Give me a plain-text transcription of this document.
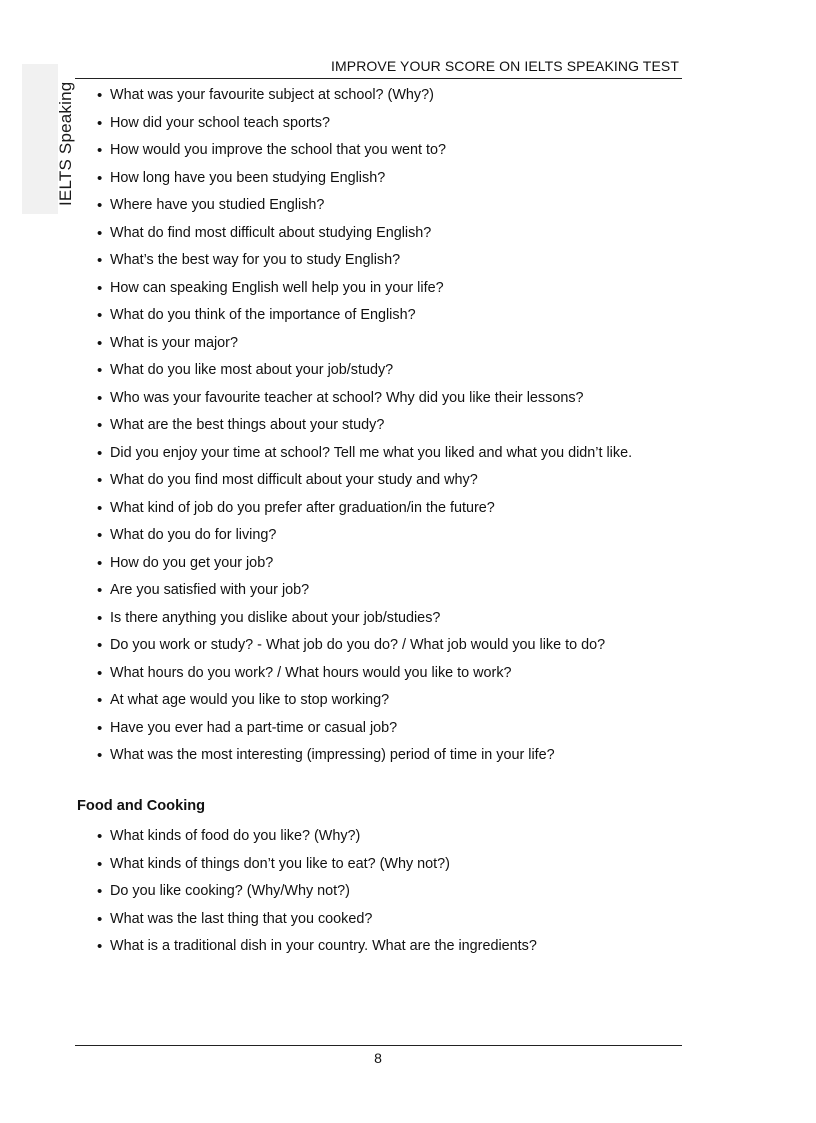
IELTS Speaking
IMPROVE YOUR SCORE ON IELTS SPEAKING TEST
• What was your favourite subject at school? (Why?)
• How did your school teach sports?
• How would you improve the school that you went to?
• How long have you been studying English?
• Where have you studied English?
• What do find most difficult about studying English?
• What’s the best way for you to study English?
• How can speaking English well help you in your life?
• What do you think of the importance of English?
• What is your major?
• What do you like most about your job/study?
• Who was your favourite teacher at school? Why did you like their lessons?
• What are the best things about your study?
• Did you enjoy your time at school? Tell me what you liked and what you didn’t like.
• What do you find most difficult about your study and why?
• What kind of job do you prefer after graduation/in the future?
• What do you do for living?
• How do you get your job?
• Are you satisfied with your job?
• Is there anything you dislike about your job/studies?
• Do you work or study? - What job do you do? / What job would you like to do?
• What hours do you work? / What hours would you like to work?
• At what age would you like to stop working?
• Have you ever had a part-time or casual job?
• What was the most interesting (impressing) period of time in your life?
Food and Cooking
• What kinds of food do you like? (Why?)
• What kinds of things don’t you like to eat? (Why not?)
• Do you like cooking? (Why/Why not?)
• What was the last thing that you cooked?
• What is a traditional dish in your country. What are the ingredients?
8
